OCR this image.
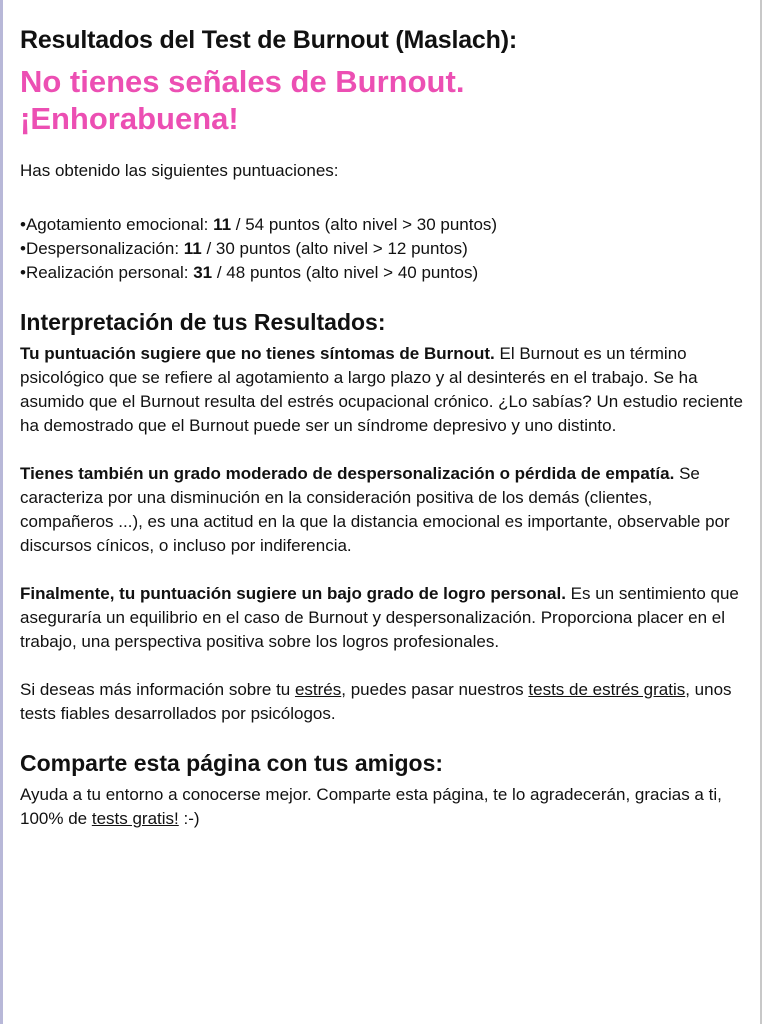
Resultados del Test de Burnout (Maslach):
No tienes señales de Burnout.
¡Enhorabuena!

Has obtenido las siguientes puntuaciones:

• Agotamiento emocional: 11 / 54 puntos (alto nivel > 30 puntos)
• Despersonalización: 11 / 30 puntos (alto nivel > 12 puntos)
• Realización personal: 31 / 48 puntos (alto nivel > 40 puntos)
Interpretación de tus Resultados:

Tu puntuación sugiere que no tienes síntomas de Burnout. El Burnout es un término psicológico que se refiere al agotamiento a largo plazo y al desinterés en el trabajo. Se ha asumido que el Burnout resulta del estrés ocupacional crónico. ¿Lo sabías? Un estudio reciente ha demostrado que el Burnout puede ser un síndrome depresivo y uno distinto.

Tienes también un grado moderado de despersonalización o pérdida de empatía. Se caracteriza por una disminución en la consideración positiva de los demás (clientes, compañeros ...), es una actitud en la que la distancia emocional es importante, observable por discursos cínicos, o incluso por indiferencia.

Finalmente, tu puntuación sugiere un bajo grado de logro personal. Es un sentimiento que aseguraría un equilibrio en el caso de Burnout y despersonalización. Proporciona placer en el trabajo, una perspectiva positiva sobre los logros profesionales.

Si deseas más información sobre tu estrés, puedes pasar nuestros tests de estrés gratis, unos tests fiables desarrollados por psicólogos.

Comparte esta página con tus amigos:

Ayuda a tu entorno a conocerse mejor. Comparte esta página, te lo agradecerán, gracias a ti, 100% de tests gratis! :-)
